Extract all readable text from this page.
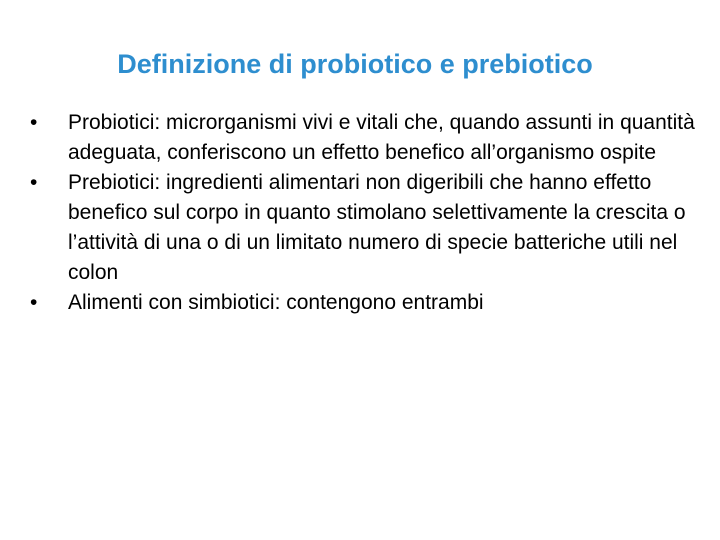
Definizione di probiotico e prebiotico
•	Probiotici: microrganismi vivi e vitali che, quando assunti in quantità adeguata, conferiscono un effetto benefico all’organismo ospite
•	Prebiotici: ingredienti alimentari non digeribili che hanno effetto benefico sul corpo in quanto stimolano selettivamente la crescita o l’attività di una o di un limitato numero di specie batteriche utili nel colon
•	Alimenti con simbiotici: contengono entrambi
